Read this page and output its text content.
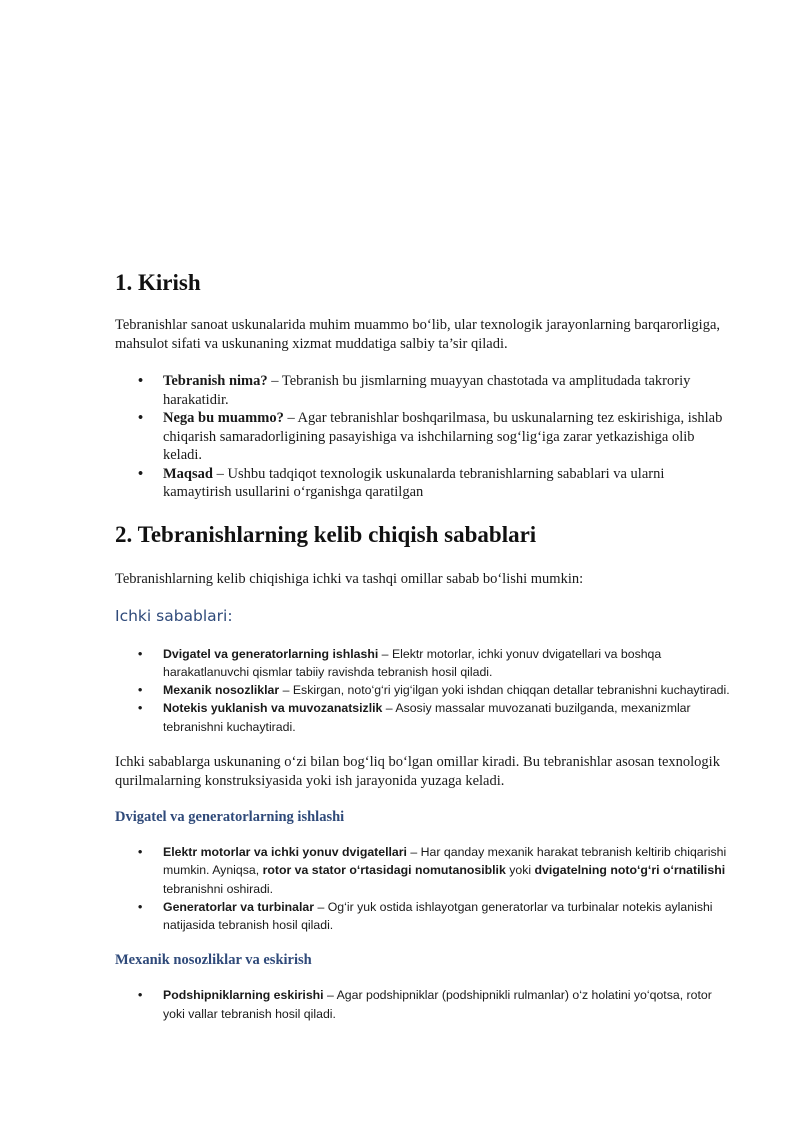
1. Kirish

Tebranishlar sanoat uskunalarida muhim muammo bo‘lib, ular texnologik jarayonlarning barqarorligiga, mahsulot sifati va uskunaning xizmat muddatiga salbiy ta’sir qiladi.

• Tebranish nima? – Tebranish bu jismlarning muayyan chastotada va amplitudada takroriy harakatidir.
• Nega bu muammo? – Agar tebranishlar boshqarilmasa, bu uskunalarning tez eskirishiga, ishlab chiqarish samaradorligining pasayishiga va ishchilarning sog‘lig‘iga zarar yetkazishiga olib keladi.
• Maqsad – Ushbu tadqiqot texnologik uskunalarda tebranishlarning sabablari va ularni kamaytirish usullarini o‘rganishga qaratilgan
2. Tebranishlarning kelib chiqish sabablari

Tebranishlarning kelib chiqishiga ichki va tashqi omillar sabab bo‘lishi mumkin:

Ichki sabablari:

• Dvigatel va generatorlarning ishlashi – Elektr motorlar, ichki yonuv dvigatellari va boshqa harakatlanuvchi qismlar tabiiy ravishda tebranish hosil qiladi.
• Mexanik nosozliklar – Eskirgan, noto‘g‘ri yig‘ilgan yoki ishdan chiqqan detallar tebranishni kuchaytiradi.
• Notekis yuklanish va muvozanatsizlik – Asosiy massalar muvozanati buzilganda, mexanizmlar tebranishni kuchaytiradi.

Ichki sabablarga uskunaning o‘zi bilan bog‘liq bo‘lgan omillar kiradi. Bu tebranishlar asosan texnologik qurilmalarning konstruksiyasida yoki ish jarayonida yuzaga keladi.

Dvigatel va generatorlarning ishlashi

• Elektr motorlar va ichki yonuv dvigatellari – Har qanday mexanik harakat tebranish keltirib chiqarishi mumkin. Ayniqsa, rotor va stator o‘rtasidagi nomutanosiblik yoki dvigatelning noto‘g‘ri o‘rnatilishi tebranishni oshiradi.
• Generatorlar va turbinalar – Og‘ir yuk ostida ishlayotgan generatorlar va turbinalar notekis aylanishi natijasida tebranish hosil qiladi.

Mexanik nosozliklar va eskirish

• Podshipniklarning eskirishi – Agar podshipniklar (podshipnikli rulmanlar) o‘z holatini yo‘qotsa, rotor yoki vallar tebranish hosil qiladi.
